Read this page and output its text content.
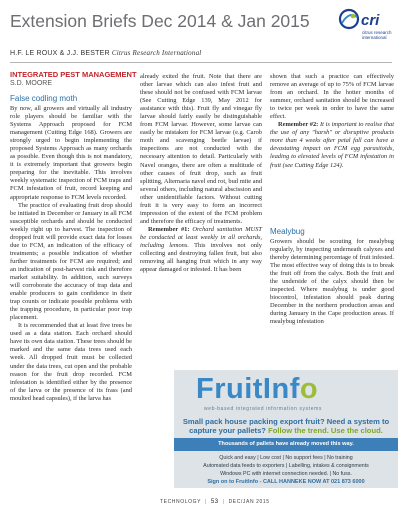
Extension Briefs Dec 2014 & Jan 2015	cri
citrus research international
H.F. LE ROUX & J.J. BESTER Citrus Research International
INTEGRATED PEST MANAGEMENT
S.D. MOORE
False codling moth

By now, all growers and virtually all industry role players should be familiar with the Systems Approach proposed for FCM management (Cutting Edge 168). Growers are strongly urged to begin implementing the proposed Systems Approach as many orchards as possible. Even though this is not mandatory, it is extremely important that growers begin preparing for the inevitable. This involves weekly systematic inspection of FCM traps and FCM infestation of fruit, record keeping and appropriate response to FCM levels recorded.

The practice of evaluating fruit drop should be initiated in December or January in all FCM susceptible orchards and should be conducted weekly right up to harvest. The inspection of dropped fruit will provide exact data for losses due to FCM, an indication of the efficacy of treatments; a possible indication of whether further treatments for FCM are required; and an indication of post-harvest risk and therefore market suitability. In addition, such surveys will corroborate the accuracy of trap data and enable producers to gain confidence in their trap counts or indicate possible problems with the trapping procedure, in particular poor trap placement.

It is recommended that at least five trees be used as a data station. Each orchard should have its own data station. These trees should be marked and the same data trees used each week. All dropped fruit must be collected under the data trees, cut open and the probable reason for the fruit drop recorded. FCM infestation is identified either by the presence of the larva or the presence of its frass (and moulted head capsules), if the larva has

already exited the fruit. Note that there are other larvae which can also infest fruit and these should not be confused with FCM larvae (See Cutting Edge 139, May 2012 for assistance with this). Fruit fly and vinegar fly larvae should fairly easily be distinguishable from FCM larvae. However, some larvae can easily be mistaken for FCM larvae (e.g. Carob moth and scavenging beetle larvae) if inspections are not conducted with the necessary attention to detail. Particularly with Navel oranges, there are often a multitude of other causes of fruit drop, such as fruit splitting, Alternaria navel end rot, bud mite and several others, including natural abscission and other unidentifiable factors. Without cutting fruit it is very easy to form an incorrect impression of the extent of the FCM problem and therefore the efficacy of treatments.

Remember #1: Orchard sanitation MUST be conducted at least weekly in all orchards, including lemons. This involves not only collecting and destroying fallen fruit, but also removing all hanging fruit which in any way appear damaged or infested. It has been

shown that such a practice can effectively remove an average of up to 75% of FCM larvae from an orchard. In the hotter months of summer, orchard sanitation should be increased to twice per week in order to have the same effect.

Remember #2: It is important to realise that the use of any "harsh" or disruptive products more than 4 weeks after petal fall can have a devastating impact on FCM egg parasitoids, leading to elevated levels of FCM infestation in fruit (see Cutting Edge 124).

Mealybug

Growers should be scouting for mealybug regularly, by inspecting underneath calyxes and thereby determining percentage of fruit infested. The most effective way of doing this is to break the fruit off from the calyx. Both the fruit and the underside of the calyx should then be inspected. Where mealybug is under good biocontrol, infestation should peak during December in the northern production areas and during January in the Cape production areas. If mealybug infestation

FruitInfo
web-based integrated information systems
Small pack house packing export fruit? Need a system to capture your pallets? Follow the trend. Use the cloud.
Thousands of pallets have already moved this way.
Quick and easy | Low cost | No support fees | No training
Automated data feeds to exporters | Labelling, intakes & consignments
Windows PC with internet connection needed. | No fuss.
Sign on to FruitInfo - CALL HANNEKE NOW AT 021 873 6000
TECHNOLOGY  |  53  |  DEC/JAN 2015
